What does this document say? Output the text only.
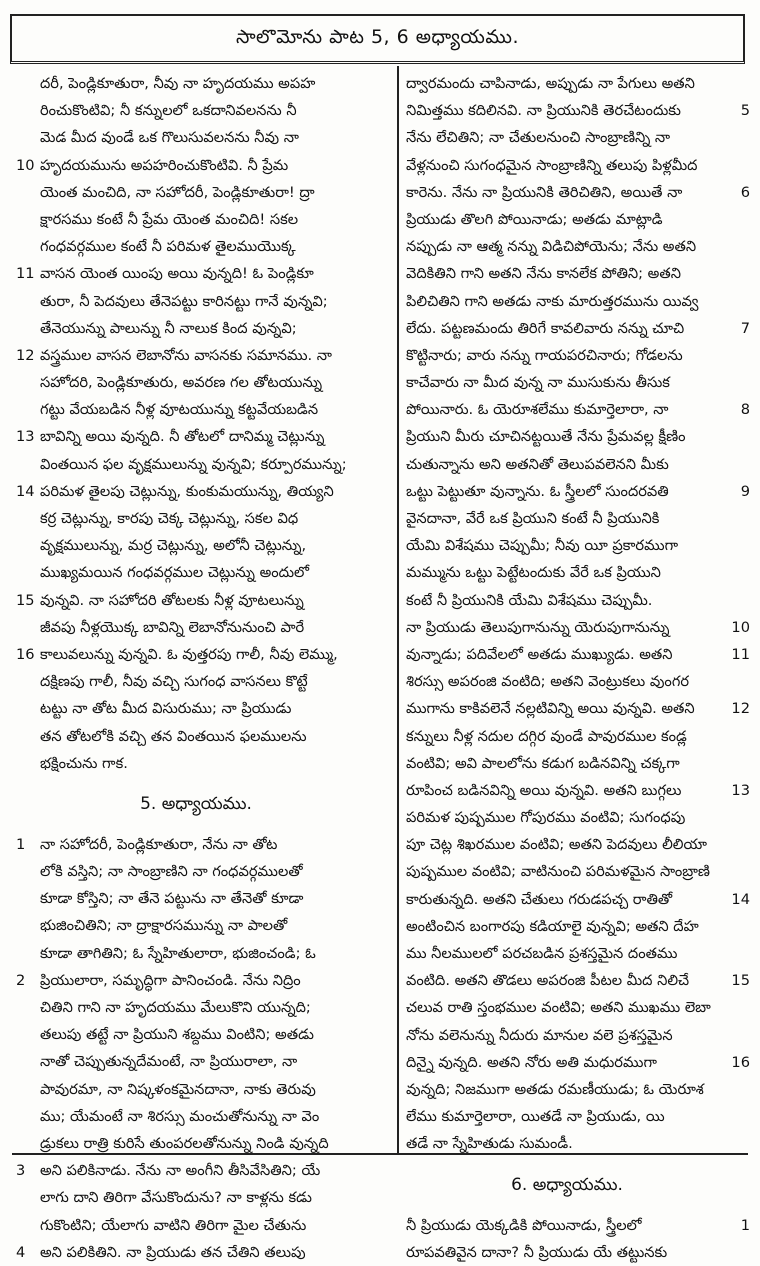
సాలొమోను పాట 5, 6 అధ్యాయము.
దరీ, పెండ్లికూతురా, నీవు నా హృదయము అపహ
రించుకొంటివి; నీ కన్నులలో ఒకదానివలనను నీ
మెడ మీద వుండే ఒక గొలుసువలనను నీవు నా
10 హృదయమును అపహరించుకొంటివి. నీ ప్రేమ
యెంత మంచిది, నా సహోదరీ, పెండ్లికూతురా! ద్రా
క్షారసము కంటే నీ ప్రేమ యెంత మంచిది! సకల
గంధవర్గముల కంటే నీ పరిమళ తైలముయొక్క
11 వాసన యెంత యింపు అయి వున్నది! ఓ పెండ్లికూ
తురా, నీ పెదవులు తేనెపట్టు కారినట్టు గానే వున్నవి;
తేనెయున్ను పాలున్ను నీ నాలుక కింద వున్నవి;
12 వస్త్రముల వాసన లెబానోను వాసనకు సమానము. నా
సహోదరి, పెండ్లికూతురు, అవరణ గల తోటయున్ను
గట్టు వేయబడిన నీళ్ల వూటయున్ను కట్టవేయబడిన
13 బావిన్ని అయి వున్నది. నీ తోటలో దానిమ్మ చెట్లున్ను
వింతయిన ఫల వృక్షములున్ను వున్నవి; కర్పూరమున్ను;
14 పరిమళ తైలపు చెట్లున్ను, కుంకుమయున్ను, తియ్యని
కర్ర చెట్లున్ను, కారపు చెక్క చెట్లున్ను, సకల విధ
వృక్షములున్ను, మర్ర చెట్లున్ను, అలోనీ చెట్లున్ను,
ముఖ్యమయిన గంధవర్గముల చెట్లున్ను అందులో
15 వున్నవి. నా సహోదరి తోటలకు నీళ్ల వూటలున్ను
జీవపు నీళ్లయొక్క బావిన్ని లెబానోనునుంచి పారే
16 కాలువలున్ను వున్నవి. ఓ వుత్తరపు గాలీ, నీవు లెమ్ము,
దక్షిణపు గాలీ, నీవు వచ్చి సుగంధ వాసనలు కొట్టే
టట్టు నా తోట మీద విసురుము; నా ప్రియుడు
తన తోటలోకి వచ్చి తన వింతయిన ఫలములను
భక్షించును గాక.
5. అధ్యాయము.
1	నా సహోదరీ, పెండ్లికూతురా, నేను నా తోట
లోకి వస్తిని; నా సాంబ్రాణిని నా గంధవర్గములతో
కూడా కోస్తిని; నా తేనె పట్టును నా తేనెతో కూడా
భుజించితిని; నా ద్రాక్షారసమున్ను నా పాలతో
కూడా తాగితిని; ఓ స్నేహితులారా, భుజించండి; ఓ
2	ప్రియులారా, సమృద్ధిగా పానించండి. నేను నిద్రిం
చితిని గాని నా హృదయము మేలుకొని యున్నది;
తలుపు తట్టే నా ప్రియుని శబ్దము వింటిని; అతడు
నాతో చెప్పుతున్నదేమంటే, నా ప్రియురాలా, నా
పావురమా, నా నిష్కళంకమైనదానా, నాకు తెరువు
ము; యేమంటే నా శిరస్సు మంచుతోనున్ను నా వెం
డ్రుకలు రాత్రి కురిసే తుంపరలతోనున్ను నిండి వున్నది
3	అని పలికినాడు. నేను నా అంగీని తీసివేసితిని; యే
లాగు దాని తిరిగా వేసుకొందును? నా కాళ్లను కడు
గుకొంటిని; యేలాగు వాటిని తిరిగా మైల చేతును
4	అని పలికితిని. నా ప్రియుడు తన చేతిని తలుపు
ద్వారమందు చాపినాడు, అప్పుడు నా పేగులు అతని
5
నిమిత్తము కదిలినవి. నా ప్రియునికి తెరచేటందుకు
నేను లేచితిని; నా చేతులనుంచి సాంబ్రాణిన్ని నా
వేళ్లనుంచి సుగంధమైన సాంబ్రాణిన్ని తలుపు పిళ్లమీద
6
కారెను. నేను నా ప్రియునికి తెరిచితిని, అయితే నా
ప్రియుడు తొలగి పోయినాడు; అతడు మాట్లాడి
నప్పుడు నా ఆత్మ నన్ను విడిచిపోయెను; నేను అతని
వెదికితిని గాని అతని నేను కానలేక పోతిని; అతని
పిలిచితిని గాని అతడు నాకు మారుత్తరమును యివ్వ
7
లేదు. పట్టణమందు తిరిగే కావలివారు నన్ను చూచి
కొట్టినారు; వారు నన్ను గాయపరచినారు; గోడలను
కాచేవారు నా మీద వున్న నా ముసుకును తీసుక
8
పోయినారు. ఓ యెరూశలేము కుమార్తెలారా, నా
ప్రియుని మీరు చూచినట్టయితే నేను ప్రేమవల్ల క్షీణిం
చుతున్నాను అని అతనితో తెలుపవలెనని మీకు
9
ఒట్టు పెట్టుతూ వున్నాను. ఓ స్త్రీలలో సుందరవతి
వైనదానా, వేరే ఒక ప్రియుని కంటే నీ ప్రియునికి
యేమి విశేషము చెప్పుమీ; నీవు యీ ప్రకారముగా
మమ్మును ఒట్టు పెట్టేటందుకు వేరే ఒక ప్రియుని
కంటే నీ ప్రియునికి యేమి విశేషము చెప్పుమీ.
10
నా ప్రియుడు తెలుపుగానున్ను యెరుపుగానున్ను
11
వున్నాడు; పదివేలలో అతడు ముఖ్యుడు. అతని
శిరస్సు అపరంజి వంటిది; అతని వెంట్రుకలు వుంగర
12
ముగాను కాకివలెనే నల్లటివిన్ని అయి వున్నవి. అతని
కన్నులు నీళ్ల నదుల దగ్గిర వుండే పావురముల కండ్ల
వంటివి; అవి పాలలోను కడుగ బడినవిన్ని చక్కగా
13
రూపించ బడినవిన్ని అయి వున్నవి. అతని బుగ్గలు
పరిమళ పుష్పముల గోపురము వంటివి; సుగంధపు
పూ చెట్ల శిఖరముల వంటివి; అతని పెదవులు లీలియా
పుష్పముల వంటివి; వాటినుంచి పరిమళమైన సాంబ్రాణి
14
కారుతున్నది. అతని చేతులు గరుడపచ్చ రాతితో
అంటించిన బంగారపు కడియాలై వున్నవి; అతని దేహ
ము నీలములలో పరచబడిన ప్రశస్తమైన దంతము
15
వంటిది. అతని తొడలు అపరంజి పీటల మీద నిలిచే
చలువ రాతి స్తంభముల వంటివి; అతని ముఖము లెబా
నోను వలెనున్ను నీదురు మానుల వలె ప్రశస్తమైన
16
దిన్నై వున్నది. అతని నోరు అతి మధురముగా
వున్నది; నిజముగా అతడు రమణీయుడు; ఓ యెరూశ
లేము కుమార్తెలారా, యితడే నా ప్రియుడు, యి
తడే నా స్నేహితుడు సుమండీ.
6. అధ్యాయము.
1
నీ ప్రియుడు యెక్కడికి పోయినాడు, స్త్రీలలో
రూపవతివైన దానా? నీ ప్రియుడు యే తట్టునకు
